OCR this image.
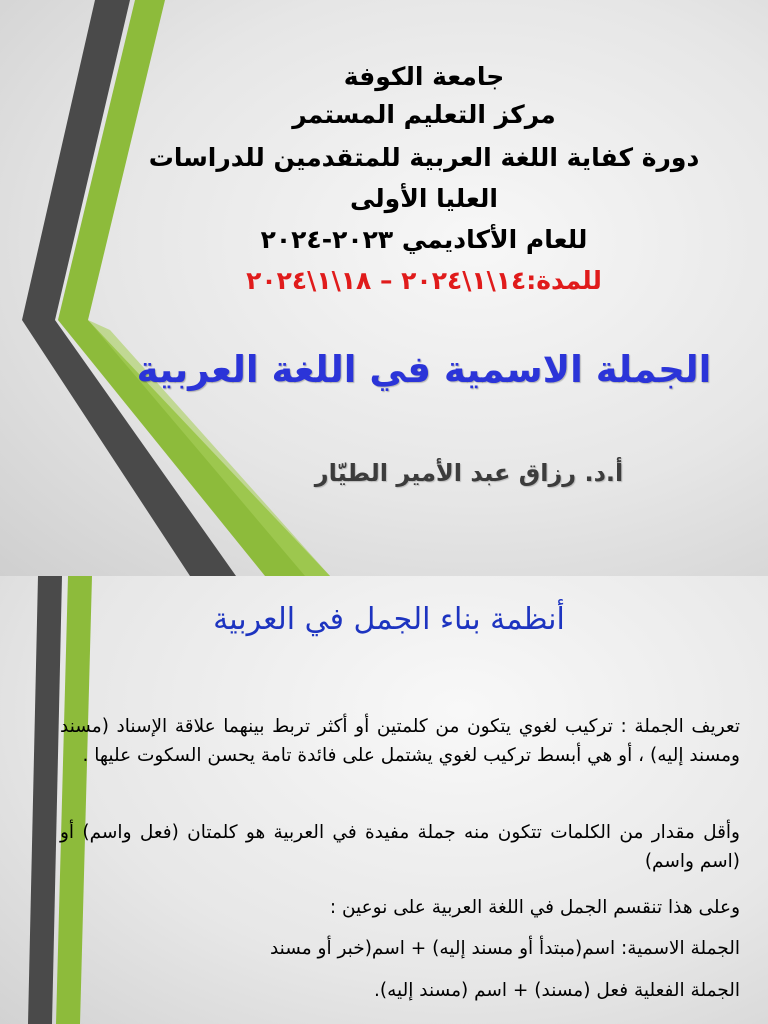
جامعة الكوفة
مركز التعليم المستمر
دورة كفاية اللغة العربية للمتقدمين للدراسات
العليا الأولى
للعام الأكاديمي ٢٠٢٣-٢٠٢٤
للمدة:١٤\١\٢٠٢٤ – ١٨\١\٢٠٢٤
الجملة الاسمية في اللغة العربية
أ.د. رزاق عبد الأمير الطيّار
أنظمة بناء الجمل في العربية
تعريف الجملة : تركيب لغوي يتكون من كلمتين أو أكثر تربط بينهما علاقة الإسناد (مسند ومسند إليه) ، أو هي أبسط تركيب لغوي يشتمل على فائدة تامة يحسن السكوت عليها .
وأقل مقدار من الكلمات تتكون منه جملة مفيدة في العربية هو كلمتان (فعل واسم) أو (اسم واسم)
وعلى هذا تنقسم الجمل في اللغة العربية على نوعين :
الجملة الاسمية: اسم(مبتدأ أو مسند إليه) + اسم(خبر أو مسند
الجملة الفعلية فعل (مسند) + اسم (مسند إليه).
